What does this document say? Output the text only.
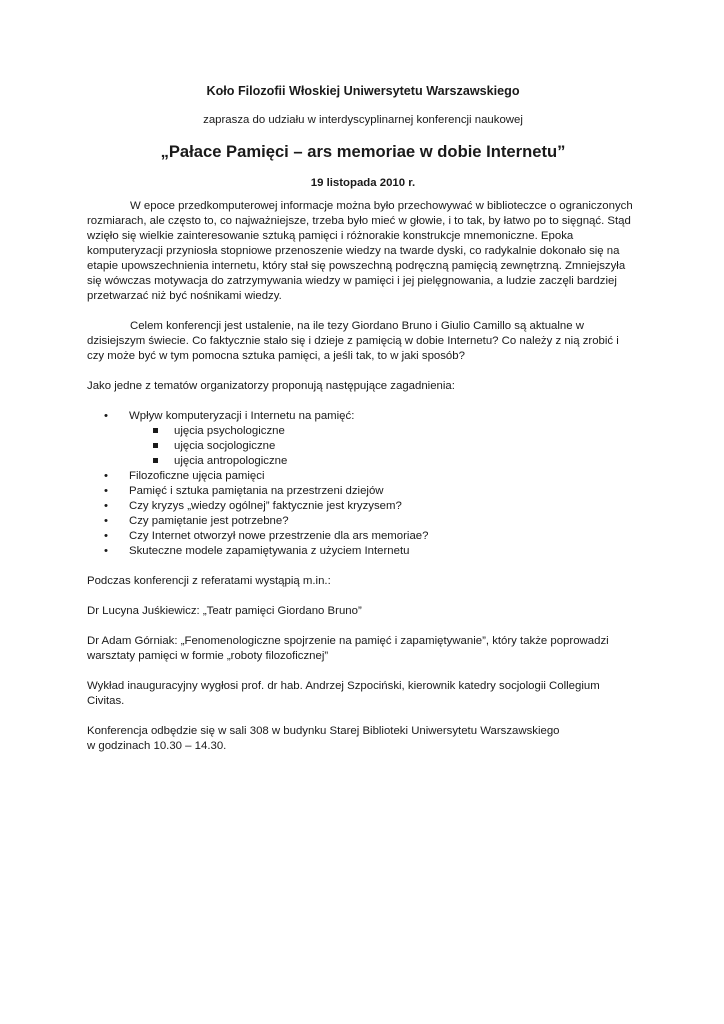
Koło Filozofii Włoskiej Uniwersytetu Warszawskiego
zaprasza do udziału w interdyscyplinarnej konferencji naukowej
„Pałace Pamięci – ars memoriae w dobie Internetu”
19 listopada 2010 r.

W epoce przedkomputerowej informacje można było przechowywać w biblioteczce o ograniczonych rozmiarach, ale często to, co najważniejsze, trzeba było mieć w głowie, i to tak, by łatwo po to sięgnąć. Stąd wzięło się wielkie zainteresowanie sztuką pamięci i różnorakie konstrukcje mnemoniczne. Epoka komputeryzacji przyniosła stopniowe przenoszenie wiedzy na twarde dyski, co radykalnie dokonało się na etapie upowszechnienia internetu, który stał się powszechną podręczną pamięcią zewnętrzną. Zmniejszyła się wówczas motywacja do zatrzymywania wiedzy w pamięci i jej pielęgnowania, a ludzie zaczęli bardziej przetwarzać niż być nośnikami wiedzy.

Celem konferencji jest ustalenie, na ile tezy Giordano Bruno i Giulio Camillo są aktualne w dzisiejszym świecie. Co faktycznie stało się i dzieje z pamięcią w dobie Internetu? Co należy z nią zrobić i czy może być w tym pomocna sztuka pamięci, a jeśli tak, to w jaki sposób?

Jako jedne z tematów organizatorzy proponują następujące zagadnienia:

• Wpływ komputeryzacji i Internetu na pamięć:
ujęcia psychologiczne
ujęcia socjologiczne
ujęcia antropologiczne
• Filozoficzne ujęcia pamięci
• Pamięć i sztuka pamiętania na przestrzeni dziejów
• Czy kryzys „wiedzy ogólnej” faktycznie jest kryzysem?
• Czy pamiętanie jest potrzebne?
• Czy Internet otworzył nowe przestrzenie dla ars memoriae?
• Skuteczne modele zapamiętywania z użyciem Internetu

Podczas konferencji z referatami wystąpią m.in.:

Dr Lucyna Juśkiewicz: „Teatr pamięci Giordano Bruno”

Dr Adam Górniak: „Fenomenologiczne spojrzenie na pamięć i zapamiętywanie”, który także poprowadzi warsztaty pamięci w formie „roboty filozoficznej”

Wykład inauguracyjny wygłosi prof. dr hab. Andrzej Szpociński, kierownik katedry socjologii Collegium Civitas.

Konferencja odbędzie się w sali 308 w budynku Starej Biblioteki Uniwersytetu Warszawskiego
w godzinach 10.30 – 14.30.
